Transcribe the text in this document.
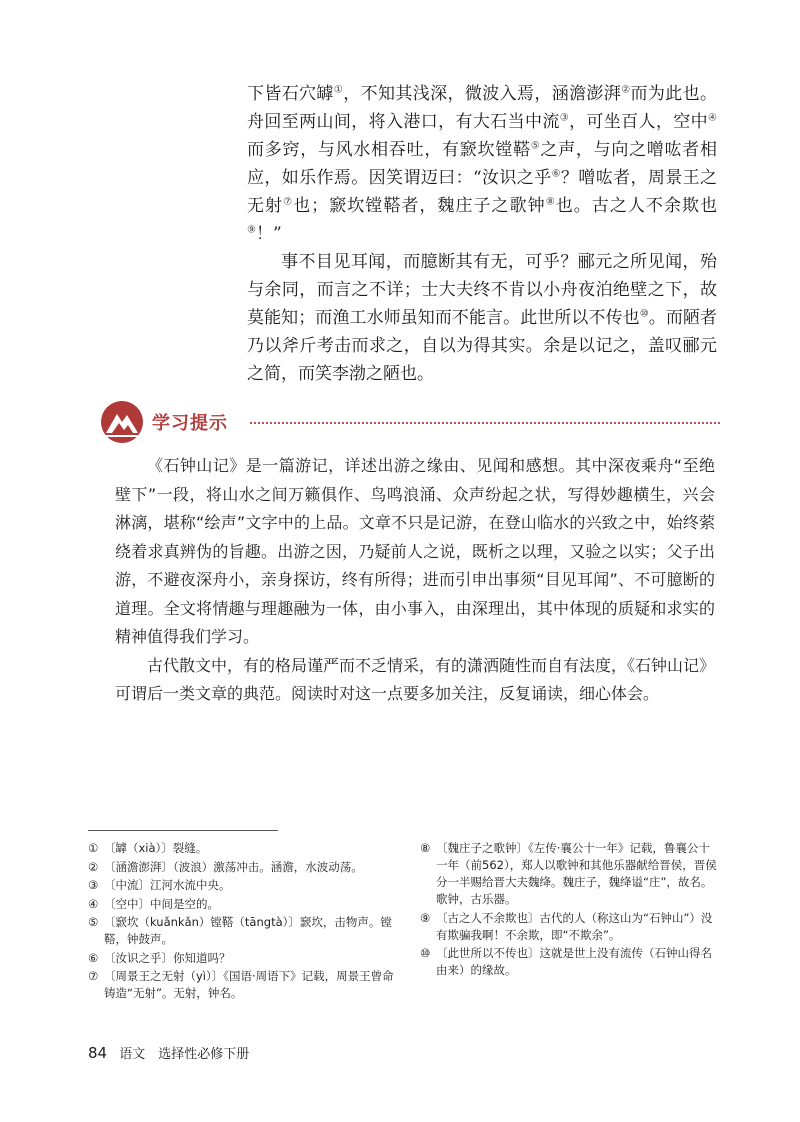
下皆石穴罅①，不知其浅深，微波入焉，涵澹澎湃②而为此也。舟回至两山间，将入港口，有大石当中流③，可坐百人，空中④而多窍，与风水相吞吐，有窾坎镗鞳⑤之声，与向之噌吰者相应，如乐作焉。因笑谓迈曰：“汝识之乎⑥？噌吰者，周景王之无射⑦也；窾坎镗鞳者，魏庄子之歌钟⑧也。古之人不余欺也⑨！”

事不目见耳闻，而臆断其有无，可乎？郦元之所见闻，殆与余同，而言之不详；士大夫终不肯以小舟夜泊绝壁之下，故莫能知；而渔工水师虽知而不能言。此世所以不传也⑩。而陋者乃以斧斤考击而求之，自以为得其实。余是以记之，盖叹郦元之简，而笑李渤之陋也。

学习提示

《石钟山记》是一篇游记，详述出游之缘由、见闻和感想。其中深夜乘舟“至绝壁下”一段，将山水之间万籁俱作、鸟鸣浪涌、众声纷起之状，写得妙趣横生，兴会淋漓，堪称“绘声”文字中的上品。文章不只是记游，在登山临水的兴致之中，始终萦绕着求真辨伪的旨趣。出游之因，乃疑前人之说，既析之以理，又验之以实；父子出游，不避夜深舟小，亲身探访，终有所得；进而引申出事须“目见耳闻”、不可臆断的道理。全文将情趣与理趣融为一体，由小事入，由深理出，其中体现的质疑和求实的精神值得我们学习。

古代散文中，有的格局谨严而不乏情采，有的潇洒随性而自有法度，《石钟山记》可谓后一类文章的典范。阅读时对这一点要多加关注，反复诵读，细心体会。

① 〔罅（xià）〕裂缝。
② 〔涵澹澎湃〕（波浪）激荡冲击。涵澹，水波动荡。
③ 〔中流〕江河水流中央。
④ 〔空中〕中间是空的。
⑤ 〔窾坎（kuǎnkǎn）镗鞳（tāngtà）〕窾坎，击物声。镗鞳，钟鼓声。
⑥ 〔汝识之乎〕你知道吗？
⑦ 〔周景王之无射（yì）〕《国语·周语下》记载，周景王曾命铸造“无射”。无射，钟名。
⑧ 〔魏庄子之歌钟〕《左传·襄公十一年》记载，鲁襄公十一年（前562），郑人以歌钟和其他乐器献给晋侯，晋侯分一半赐给晋大夫魏绛。魏庄子，魏绛谥“庄”，故名。歌钟，古乐器。
⑨ 〔古之人不余欺也〕古代的人（称这山为“石钟山”）没有欺骗我啊！不余欺，即“不欺余”。
⑩ 〔此世所以不传也〕这就是世上没有流传（石钟山得名由来）的缘故。
84 语文　选择性必修下册
